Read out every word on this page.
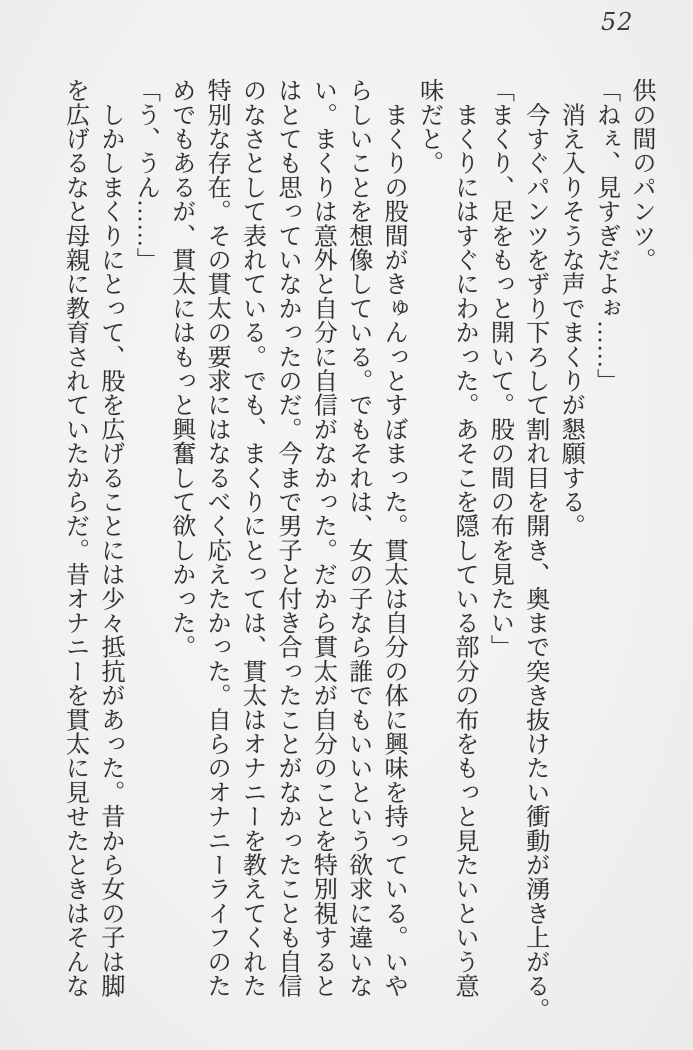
52

供の間のパンツ。

「ねぇ、見すぎだよぉ……」

　消え入りそうな声でまくりが懇願する。

　今すぐパンツをずり下ろして割れ目を開き、奥まで突き抜けたい衝動が湧き上がる。

「まくり、足をもっと開いて。股の間の布を見たい」

　まくりにはすぐにわかった。あそこを隠している部分の布をもっと見たいという意

味だと。

　まくりの股間がきゅんっとすぼまった。貫太は自分の体に興味を持っている。いや

らしいことを想像している。でもそれは、女の子なら誰でもいいという欲求に違いな

い。まくりは意外と自分に自信がなかった。だから貫太が自分のことを特別視すると

はとても思っていなかったのだ。今まで男子と付き合ったことがなかったことも自信

のなさとして表れている。でも、まくりにとっては、貫太はオナニーを教えてくれた

特別な存在。その貫太の要求にはなるべく応えたかった。自らのオナニーライフのた

めでもあるが、貫太にはもっと興奮して欲しかった。

「う、うん……」

　しかしまくりにとって、股を広げることには少々抵抗があった。昔から女の子は脚

を広げるなと母親に教育されていたからだ。昔オナニーを貫太に見せたときはそんな
